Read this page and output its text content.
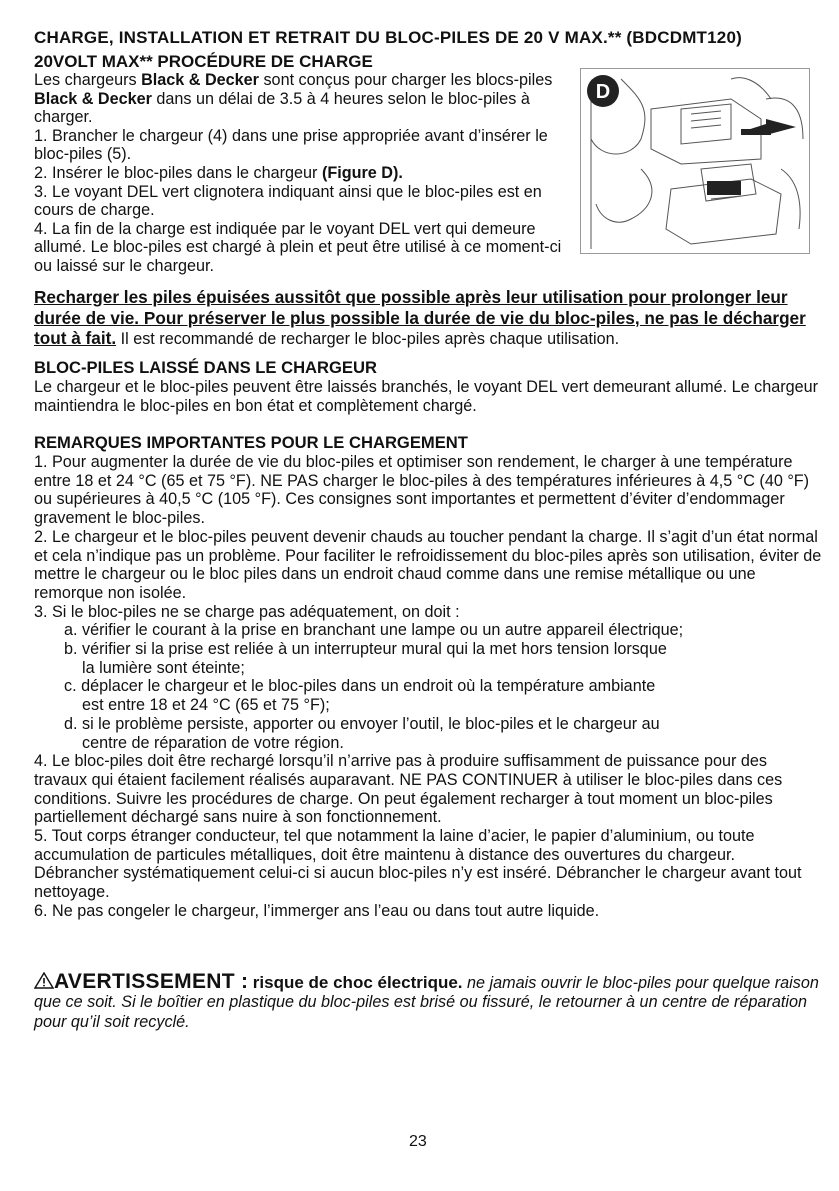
CHARGE, INSTALLATION ET RETRAIT DU BLOC-PILES DE 20 V MAX.** (BDCDMT120)
20VOLT MAX** PROCÉDURE DE CHARGE
Les chargeurs Black & Decker sont conçus pour charger les blocs-piles Black & Decker dans un délai de 3.5 à 4 heures selon le bloc-piles à charger.
1. Brancher le chargeur (4) dans une prise appropriée avant d’insérer le bloc-piles (5).
2. Insérer le bloc-piles dans le chargeur (Figure D).
3. Le voyant DEL vert clignotera indiquant ainsi que le bloc-piles est en cours de charge.
4. La fin de la charge est indiquée par le voyant DEL vert qui demeure allumé. Le bloc-piles est chargé à plein et peut être utilisé à ce moment-ci ou laissé sur le chargeur.
D
Recharger les piles épuisées aussitôt que possible après leur utilisation pour prolonger leur durée de vie. Pour préserver le plus possible la durée de vie du bloc-piles, ne pas le décharger tout à fait. Il est recommandé de recharger le bloc-piles après chaque utilisation.
BLOC-PILES LAISSÉ DANS LE CHARGEUR

Le chargeur et le bloc-piles peuvent être laissés branchés, le voyant DEL vert demeurant allumé. Le chargeur maintiendra le bloc-piles en bon état et complètement chargé.

REMARQUES IMPORTANTES POUR LE CHARGEMENT

1. Pour augmenter la durée de vie du bloc-piles et optimiser son rendement, le charger à une température entre 18 et 24 °C (65 et 75 °F). NE PAS charger le bloc-piles à des températures inférieures à 4,5 °C (40 °F) ou supérieures à 40,5 °C (105 °F). Ces consignes sont importantes et permettent d’éviter d’endommager gravement le bloc-piles.

2. Le chargeur et le bloc-piles peuvent devenir chauds au toucher pendant la charge. Il s’agit d’un état normal et cela n’indique pas un problème. Pour faciliter le refroidissement du bloc-piles après son utilisation, éviter de mettre le chargeur ou le bloc piles dans un endroit chaud comme dans une remise métallique ou une remorque non isolée.

3. Si le bloc-piles ne se charge pas adéquatement, on doit :

a. vérifier le courant à la prise en branchant une lampe ou un autre appareil électrique;

b. vérifier si la prise est reliée à un interrupteur mural qui la met hors tension lorsque

la lumière sont éteinte;

c. déplacer le chargeur et le bloc-piles dans un endroit où la température ambiante

est entre 18 et 24 °C (65 et 75 °F);

d. si le problème persiste, apporter ou envoyer l’outil, le bloc-piles et le chargeur au

centre de réparation de votre région.

4. Le bloc-piles doit être rechargé lorsqu’il n’arrive pas à produire suffisamment de puissance pour des travaux qui étaient facilement réalisés auparavant. NE PAS CONTINUER à utiliser le bloc-piles dans ces conditions. Suivre les procédures de charge. On peut également recharger à tout moment un bloc-piles partiellement déchargé sans nuire à son fonctionnement.

5. Tout corps étranger conducteur, tel que notamment la laine d’acier, le papier d’aluminium, ou toute accumulation de particules métalliques, doit être maintenu à distance des ouvertures du chargeur. Débrancher systématiquement celui-ci si aucun bloc-piles n’y est inséré. Débrancher le chargeur avant tout nettoyage.

6. Ne pas congeler le chargeur, l’immerger ans l’eau ou dans tout autre liquide.

AVERTISSEMENT : risque de choc électrique. ne jamais ouvrir le bloc-piles pour quelque raison que ce soit. Si le boîtier en plastique du bloc-piles est brisé ou fissuré, le retourner à un centre de réparation pour qu’il soit recyclé.
23
